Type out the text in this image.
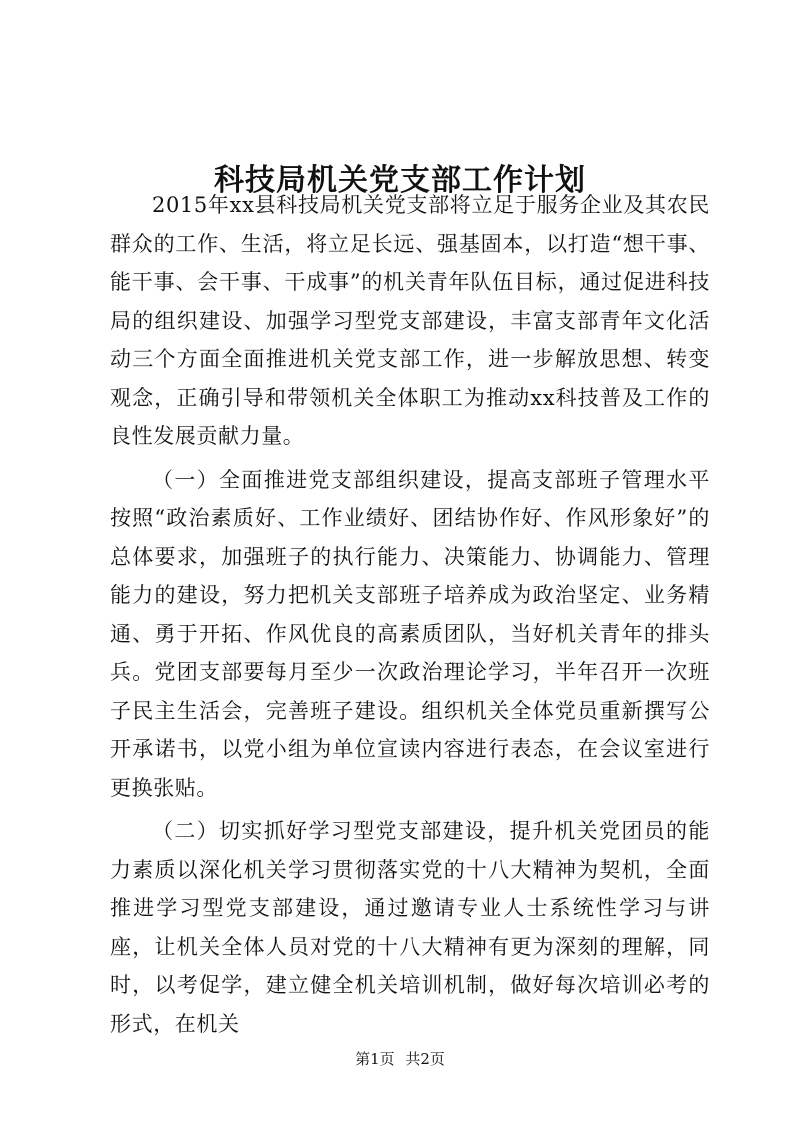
科技局机关党支部工作计划

2015年xx县科技局机关党支部将立足于服务企业及其农民群众的工作、生活，将立足长远、强基固本，以打造“想干事、能干事、会干事、干成事”的机关青年队伍目标，通过促进科技局的组织建设、加强学习型党支部建设，丰富支部青年文化活动三个方面全面推进机关党支部工作，进一步解放思想、转变观念，正确引导和带领机关全体职工为推动xx科技普及工作的良性发展贡献力量。

（一）全面推进党支部组织建设，提高支部班子管理水平按照“政治素质好、工作业绩好、团结协作好、作风形象好”的总体要求，加强班子的执行能力、决策能力、协调能力、管理能力的建设，努力把机关支部班子培养成为政治坚定、业务精通、勇于开拓、作风优良的高素质团队，当好机关青年的排头兵。党团支部要每月至少一次政治理论学习，半年召开一次班子民主生活会，完善班子建设。组织机关全体党员重新撰写公开承诺书，以党小组为单位宣读内容进行表态，在会议室进行更换张贴。

（二）切实抓好学习型党支部建设，提升机关党团员的能力素质以深化机关学习贯彻落实党的十八大精神为契机，全面推进学习型党支部建设，通过邀请专业人士系统性学习与讲座，让机关全体人员对党的十八大精神有更为深刻的理解，同时，以考促学，建立健全机关培训机制，做好每次培训必考的形式，在机关

第1页 共2页
